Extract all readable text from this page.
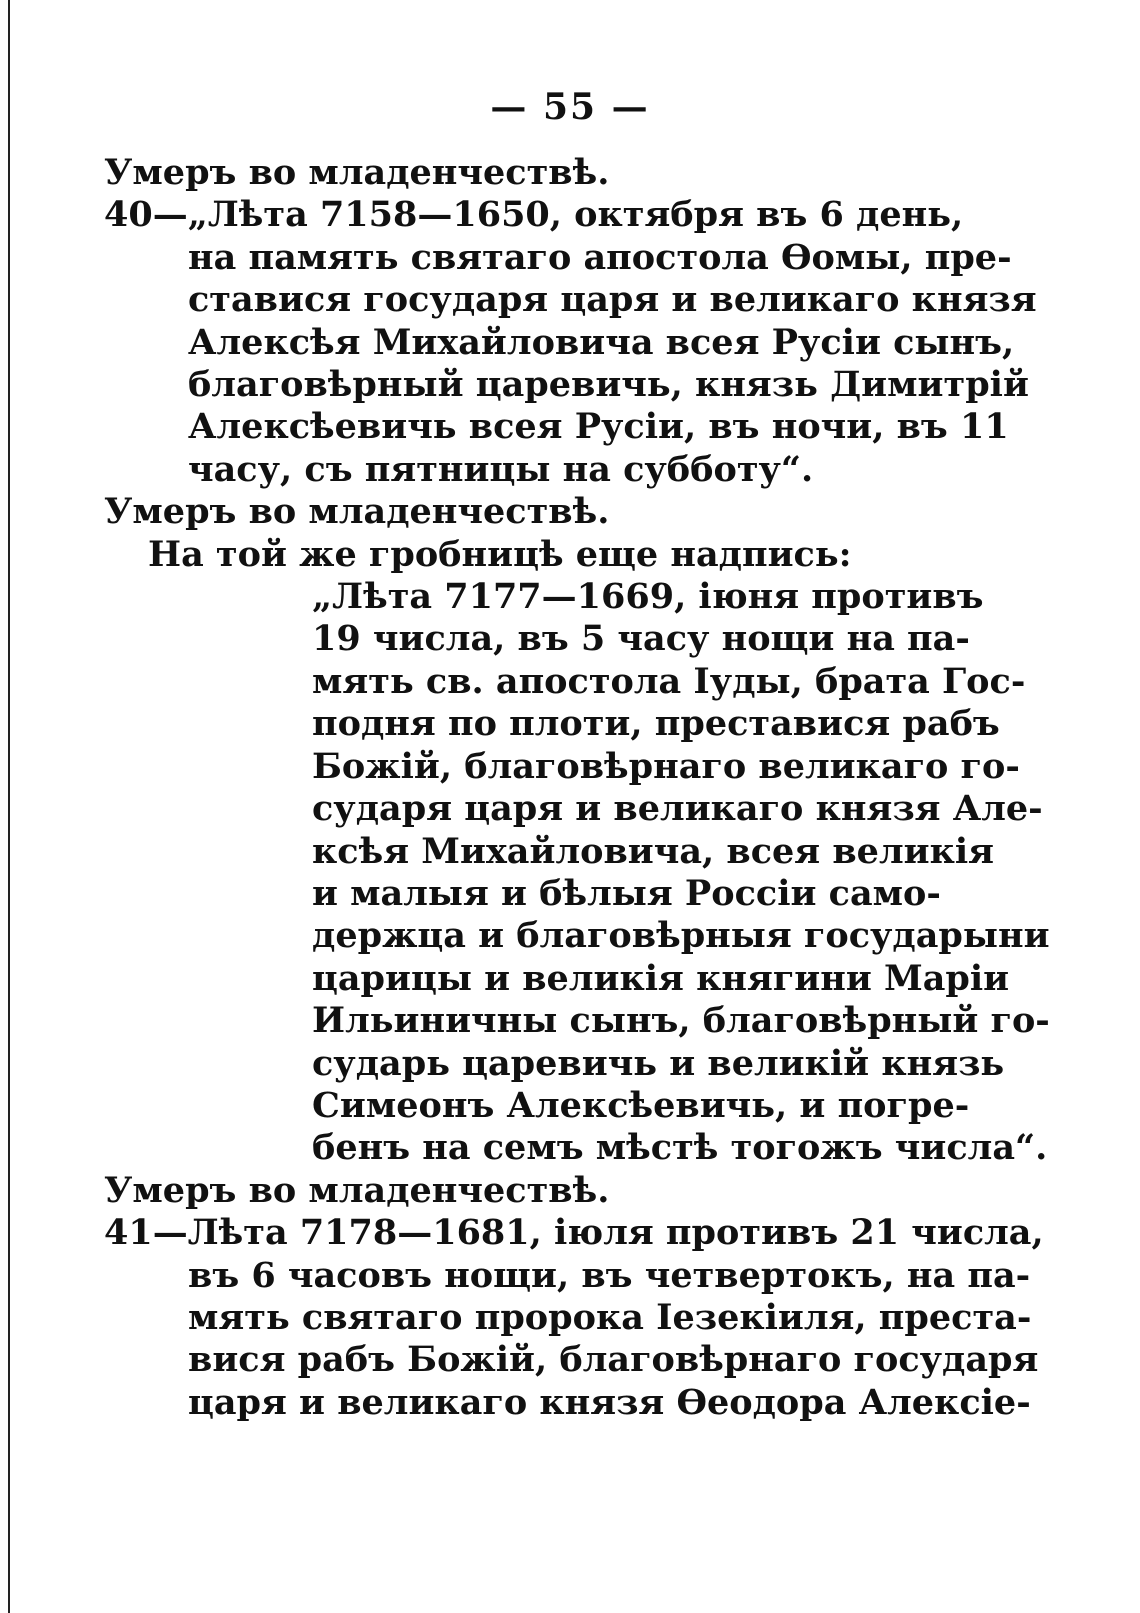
— 55 —
Умеръ во младенчествѣ.
40—„Лѣта 7158—1650, октября въ 6 день,
на память святаго апостола Ѳомы, пре-
ставися государя царя и великаго князя
Алексѣя Михайловича всея Русіи сынъ,
благовѣрный царевичь, князь Димитрій
Алексѣевичь всея Русіи, въ ночи, въ 11
часу, съ пятницы на субботу“.
Умеръ во младенчествѣ.
На той же гробницѣ еще надпись:
„Лѣта 7177—1669, іюня противъ
19 числа, въ 5 часу нощи на па-
мять св. апостола Іуды, брата Гос-
подня по плоти, преставися рабъ
Божій, благовѣрнаго великаго го-
сударя царя и великаго князя Але-
ксѣя Михайловича, всея великія
и малыя и бѣлыя Россіи само-
держца и благовѣрныя государыни
царицы и великія княгини Маріи
Ильиничны сынъ, благовѣрный го-
сударь царевичь и великій князь
Симеонъ Алексѣевичь, и погре-
бенъ на семъ мѣстѣ тогожъ числа“.
Умеръ во младенчествѣ.
41—Лѣта 7178—1681, іюля противъ 21 числа,
въ 6 часовъ нощи, въ четвертокъ, на па-
мять святаго пророка Іезекіиля, преста-
вися рабъ Божій, благовѣрнаго государя
царя и великаго князя Ѳеодора Алексіе-
